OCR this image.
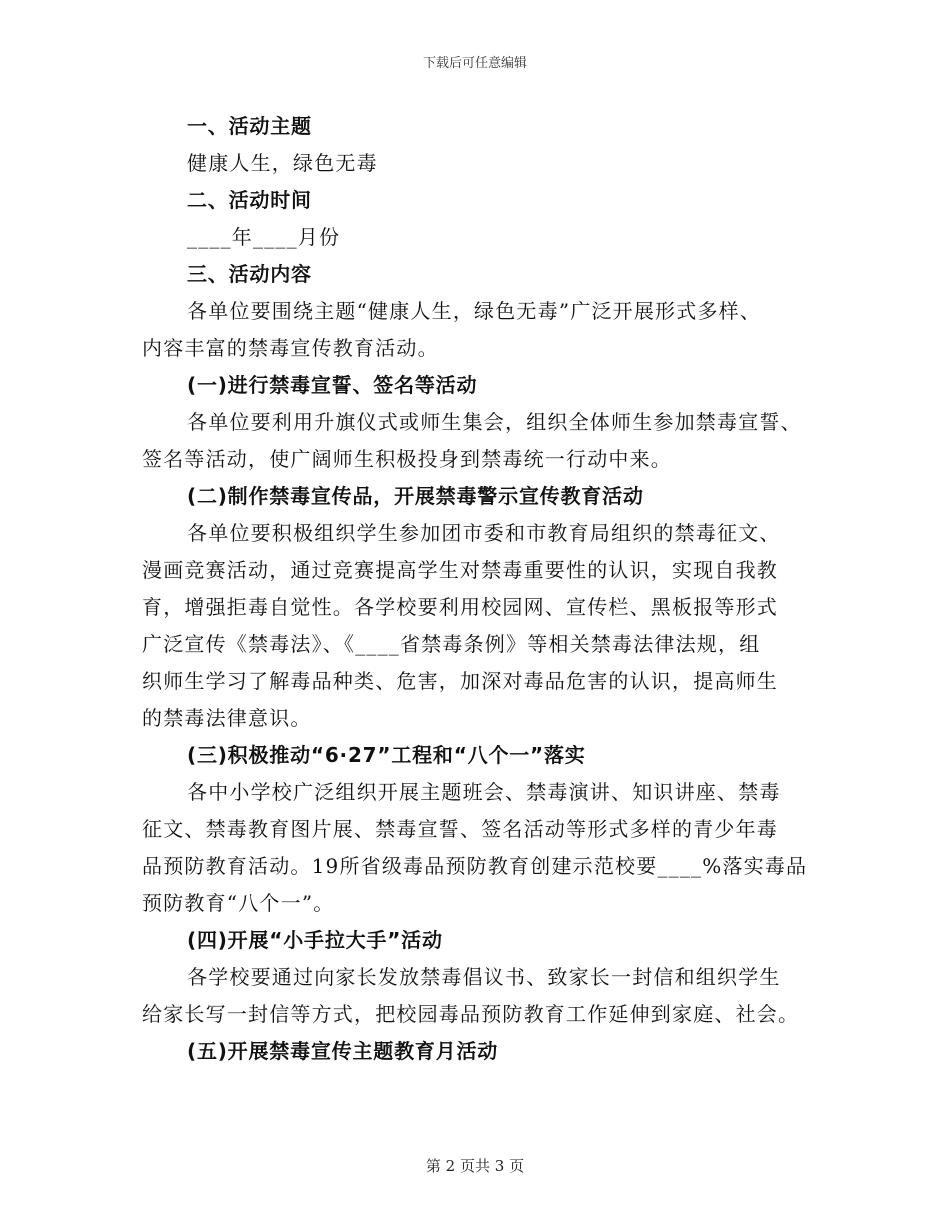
下载后可任意编辑
一、活动主题
健康人生，绿色无毒
二、活动时间
____年____月份
三、活动内容
各单位要围绕主题“健康人生，绿色无毒”广泛开展形式多样、
内容丰富的禁毒宣传教育活动。
(一)进行禁毒宣誓、签名等活动
各单位要利用升旗仪式或师生集会，组织全体师生参加禁毒宣誓、
签名等活动，使广阔师生积极投身到禁毒统一行动中来。
(二)制作禁毒宣传品，开展禁毒警示宣传教育活动
各单位要积极组织学生参加团市委和市教育局组织的禁毒征文、
漫画竞赛活动，通过竞赛提高学生对禁毒重要性的认识，实现自我教
育，增强拒毒自觉性。各学校要利用校园网、宣传栏、黑板报等形式
广泛宣传《禁毒法》、《____省禁毒条例》等相关禁毒法律法规，组
织师生学习了解毒品种类、危害，加深对毒品危害的认识，提高师生
的禁毒法律意识。
(三)积极推动“6·27”工程和“八个一”落实
各中小学校广泛组织开展主题班会、禁毒演讲、知识讲座、禁毒
征文、禁毒教育图片展、禁毒宣誓、签名活动等形式多样的青少年毒
品预防教育活动。19所省级毒品预防教育创建示范校要____%落实毒品
预防教育“八个一”。
(四)开展“小手拉大手”活动
各学校要通过向家长发放禁毒倡议书、致家长一封信和组织学生
给家长写一封信等方式，把校园毒品预防教育工作延伸到家庭、社会。
(五)开展禁毒宣传主题教育月活动
第 2 页共 3 页
